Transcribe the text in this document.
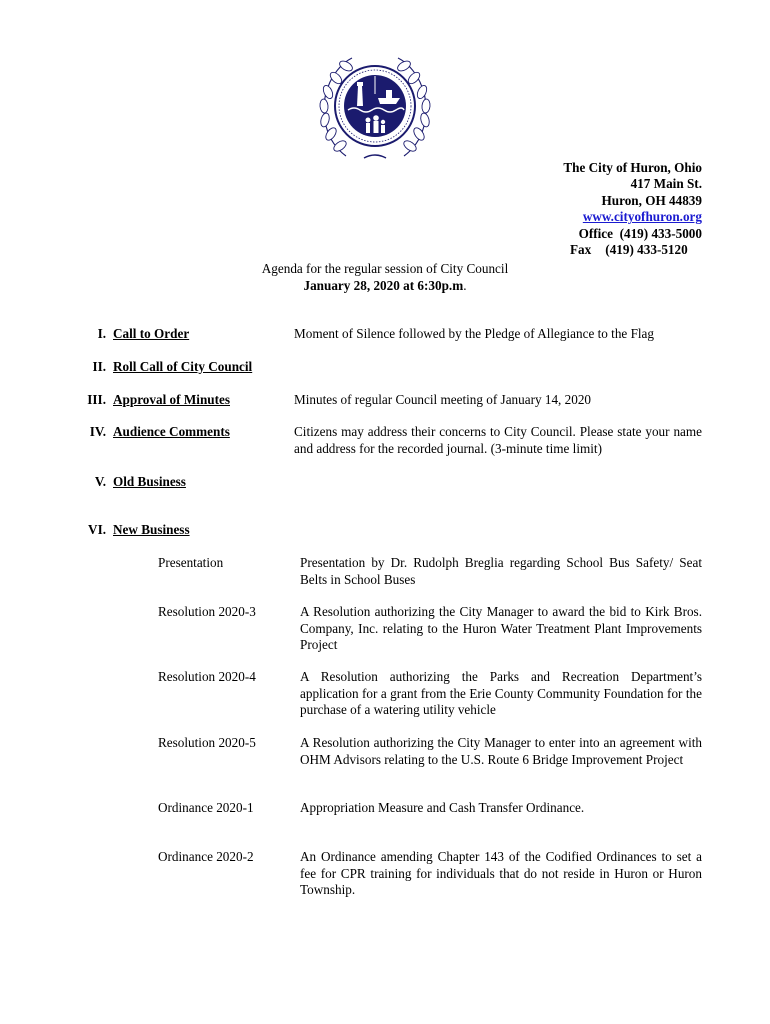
The City of Huron, Ohio
417 Main St.
Huron, OH 44839
www.cityofhuron.org
Office (419) 433-5000
Fax (419) 433-5120
Agenda for the regular session of City Council
January 28, 2020 at 6:30p.m.
I. Call to Order	Moment of Silence followed by the Pledge of Allegiance to the Flag
II. Roll Call of City Council
III. Approval of Minutes	Minutes of regular Council meeting of January 14, 2020
IV. Audience Comments	Citizens may address their concerns to City Council. Please state your name and address for the recorded journal. (3-minute time limit)
V. Old Business
VI. New Business
Presentation	Presentation by Dr. Rudolph Breglia regarding School Bus Safety/ Seat Belts in School Buses
Resolution 2020-3	A Resolution authorizing the City Manager to award the bid to Kirk Bros. Company, Inc. relating to the Huron Water Treatment Plant Improvements Project
Resolution 2020-4	A Resolution authorizing the Parks and Recreation Department’s application for a grant from the Erie County Community Foundation for the purchase of a watering utility vehicle
Resolution 2020-5	A Resolution authorizing the City Manager to enter into an agreement with OHM Advisors relating to the U.S. Route 6 Bridge Improvement Project
Ordinance 2020-1	Appropriation Measure and Cash Transfer Ordinance.
Ordinance 2020-2	An Ordinance amending Chapter 143 of the Codified Ordinances to set a fee for CPR training for individuals that do not reside in Huron or Huron Township.
